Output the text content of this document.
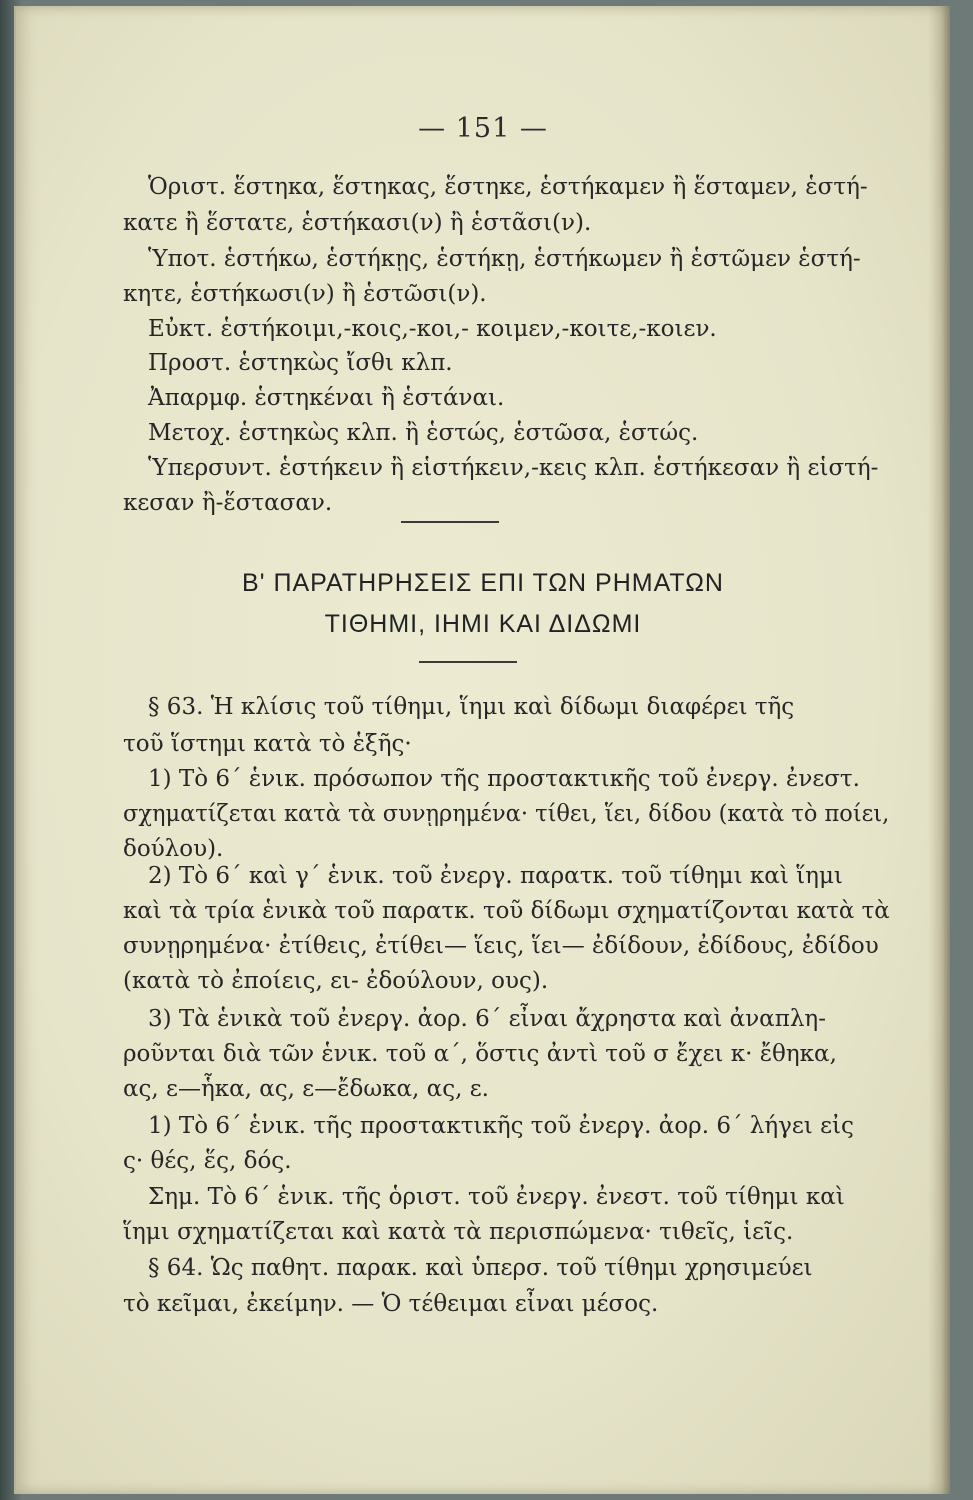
— 151 —
Ὁριστ. ἕστηκα, ἕστηκας, ἕστηκε, ἑστήκαμεν ἢ ἕσταμεν, ἑστή-
κατε ἢ ἕστατε, ἑστήκασι(ν) ἢ ἑστᾶσι(ν).
Ὑποτ. ἑστήκω, ἑστήκῃς, ἑστήκῃ, ἑστήκωμεν ἢ ἑστῶμεν ἑστή-
κητε, ἑστήκωσι(ν) ἢ ἑστῶσι(ν).
Εὐκτ. ἑστήκοιμι,-κοις,-κοι,- κοιμεν,-κοιτε,-κοιεν.
Προστ. ἑστηκὼς ἴσθι κλπ.
Ἀπαρμφ. ἑστηκέναι ἢ ἑστάναι.
Μετοχ. ἑστηκὼς κλπ. ἢ ἑστώς, ἑστῶσα, ἑστώς.
Ὑπερσυντ. ἑστήκειν ἢ εἱστήκειν,-κεις κλπ. ἑστήκεσαν ἢ εἱστή-
κεσαν ἢ-ἕστασαν.
Β' ΠΑΡΑΤΗΡΗΣΕΙΣ ΕΠΙ ΤΩΝ ΡΗΜΑΤΩΝ
ΤΙΘΗΜΙ, ΙΗΜΙ ΚΑΙ ΔΙΔΩΜΙ
§ 63. Ἡ κλίσις τοῦ τίθημι, ἵημι καὶ δίδωμι διαφέρει τῆς
τοῦ ἵστημι κατὰ τὸ ἑξῆς·
1) Τὸ 6΄ ἑνικ. πρόσωπον τῆς προστακτικῆς τοῦ ἐνεργ. ἐνεστ.
σχηματίζεται κατὰ τὰ συνῃρημένα· τίθει, ἵει, δίδου (κατὰ τὸ ποίει,
δούλου).
2) Τὸ 6΄ καὶ γ΄ ἑνικ. τοῦ ἐνεργ. παρατκ. τοῦ τίθημι καὶ ἵημι
καὶ τὰ τρία ἑνικὰ τοῦ παρατκ. τοῦ δίδωμι σχηματίζονται κατὰ τὰ
συνῃρημένα· ἐτίθεις, ἐτίθει— ἵεις, ἵει— ἐδίδουν, ἐδίδους, ἐδίδου
(κατὰ τὸ ἐποίεις, ει- ἐδούλουν, ους).
3) Τὰ ἑνικὰ τοῦ ἐνεργ. ἀορ. 6΄ εἶναι ἄχρηστα καὶ ἀναπλη-
ροῦνται διὰ τῶν ἑνικ. τοῦ α΄, ὅστις ἀντὶ τοῦ σ ἔχει κ· ἔθηκα,
ας, ε—ἧκα, ας, ε—ἔδωκα, ας, ε.
1) Τὸ 6΄ ἑνικ. τῆς προστακτικῆς τοῦ ἐνεργ. ἀορ. 6΄ λήγει εἰς
ς· θές, ἕς, δός.
Σημ. Τὸ 6΄ ἑνικ. τῆς ὁριστ. τοῦ ἐνεργ. ἐνεστ. τοῦ τίθημι καὶ
ἵημι σχηματίζεται καὶ κατὰ τὰ περισπώμενα· τιθεῖς, ἱεῖς.
§ 64. Ὡς παθητ. παρακ. καὶ ὑπερσ. τοῦ τίθημι χρησιμεύει
τὸ κεῖμαι, ἐκείμην. — Ὁ τέθειμαι εἶναι μέσος.
